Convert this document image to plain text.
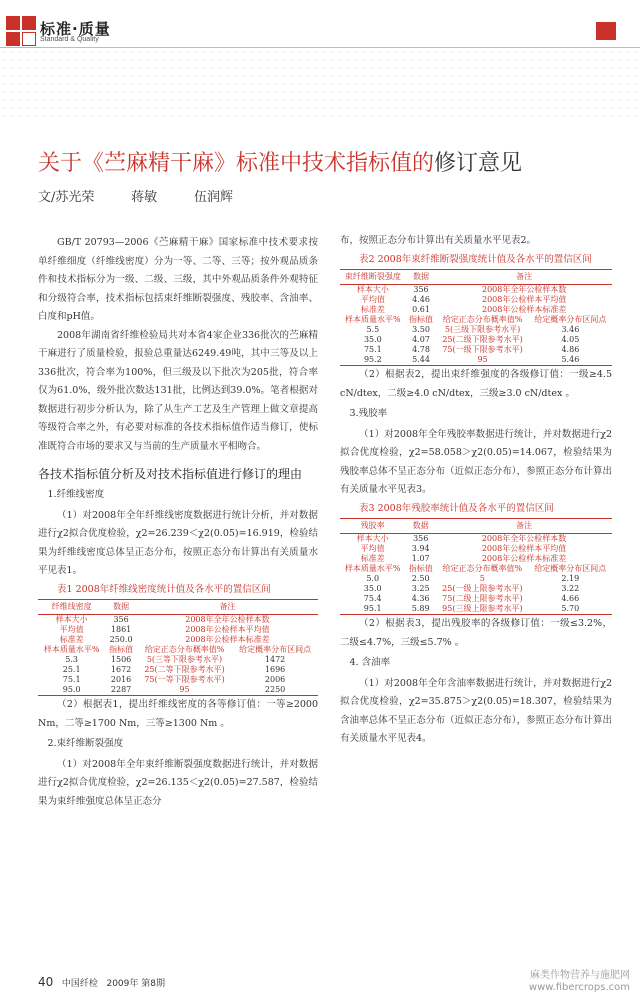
标准·质量
Standard & Quality
关于《苎麻精干麻》标准中技术指标值的修订意见
文/苏光荣      蒋敏      伍润辉

GB/T 20793—2006《苎麻精干麻》国家标准中技术要求按单纤维细度（纤维线密度）分为一等、二等、三等；按外观品质条件和技术指标分为一级、二级、三级，其中外观品质条件外观特征和分级符合率，技术指标包括束纤维断裂强度、残胶率、含油率、白度和pH值。

2008年湖南省纤维检验局共对本省4家企业336批次的苎麻精干麻进行了质量检验，报验总重量达6249.49吨，其中三等及以上336批次，符合率为100%，但三级及以下批次为205批，符合率仅为61.0%，级外批次数达131批，比例达到39.0%。笔者根据对数据进行初步分析认为，除了从生产工艺及生产管理上做文章提高等级符合率之外，有必要对标准的各技术指标值作适当修订，使标准既符合市场的要求又与当前的生产质量水平相吻合。

各技术指标值分析及对技术指标值进行修订的理由

1.纤维线密度

（1）对2008年全年纤维线密度数据进行统计分析，并对数据进行χ2拟合优度检验，χ2=26.239＜χ2(0.05)=16.919，检验结果为纤维线密度总体呈正态分布，按照正态分布计算出有关质量水平见表1。

表1 2008年纤维线密度统计值及各水平的置信区间

纤维线密度	数据	备注	
样本大小	356	2008年全年公检样本数	
平均值	1861	2008年公检样本平均值	
标准差	250.0	2008年公检样本标准差	
样本质量水平%	指标值	给定正态分布概率值%	给定概率分布区间点
5.3	1506	5(三等下限参考水平)	1472
25.1	1672	25(二等下限参考水平)	1696
75.1	2016	75(一等下限参考水平)	2006
95.0	2287	95	2250

（2）根据表1，提出纤维线密度的各等修订值：一等≥2000 Nm，二等≥1700 Nm，三等≥1300 Nm 。

2.束纤维断裂强度

（1）对2008年全年束纤维断裂强度数据进行统计，并对数据进行χ2拟合优度检验，χ2=26.135＜χ2(0.05)=27.587，检验结果为束纤维强度总体呈正态分

布，按照正态分布计算出有关质量水平见表2。

表2 2008年束纤维断裂强度统计值及各水平的置信区间

束纤维断裂强度	数据	备注	
样本大小	356	2008年全年公检样本数	
平均值	4.46	2008年公检样本平均值	
标准差	0.61	2008年公检样本标准差	
样本质量水平%	指标值	给定正态分布概率值%	给定概率分布区间点
5.5	3.50	5(三级下限参考水平)	3.46
35.0	4.07	25(二级下限参考水平)	4.05
75.1	4.78	75(一级下限参考水平)	4.86
95.2	5.44	95	5.46

（2）根据表2，提出束纤维强度的各级修订值：一级≥4.5 cN/dtex，二级≥4.0 cN/dtex，三级≥3.0 cN/dtex 。

3.残胶率

（1）对2008年全年残胶率数据进行统计，并对数据进行χ2拟合优度检验，χ2=58.058＞χ2(0.05)=14.067，检验结果为残胶率总体不呈正态分布（近似正态分布），参照正态分布计算出有关质量水平见表3。

表3 2008年残胶率统计值及各水平的置信区间

残胶率	数据	备注	
样本大小	356	2008年全年公检样本数	
平均值	3.94	2008年公检样本平均值	
标准差	1.07	2008年公检样本标准差	
样本质量水平%	指标值	给定正态分布概率值%	给定概率分布区间点
5.0	2.50	5	2.19
35.0	3.25	25(一级上限参考水平)	3.22
75.4	4.36	75(二级上限参考水平)	4.66
95.1	5.89	95(三级上限参考水平)	5.70

（2）根据表3，提出残胶率的各级修订值：一级≤3.2%，二级≤4.7%，三级≤5.7% 。

4. 含油率

（1）对2008年全年含油率数据进行统计，并对数据进行χ2拟合优度检验，χ2=35.875＞χ2(0.05)=18.307，检验结果为含油率总体不呈正态分布（近似正态分布），参照正态分布计算出有关质量水平见表4。

40 中国纤检 2009年 第8期
麻类作物营养与施肥网
www.fibercrops.com
